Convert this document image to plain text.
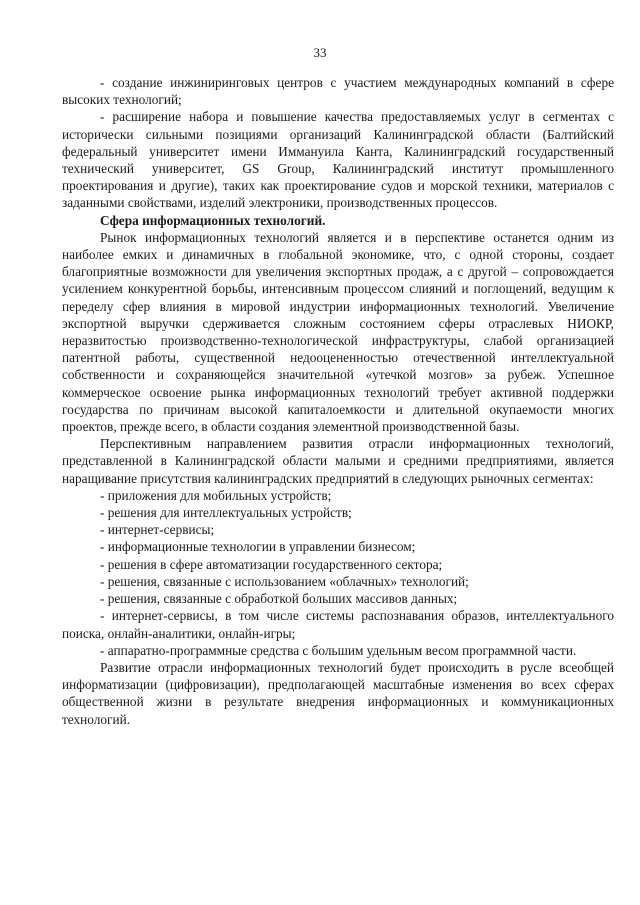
33

- создание инжиниринговых центров с участием международных компаний в сфере высоких технологий;

- расширение набора и повышение качества предоставляемых услуг в сегментах с исторически сильными позициями организаций Калининградской области (Балтийский федеральный университет имени Иммануила Канта, Калининградский государственный технический университет, GS Group, Калининградский институт промышленного проектирования и другие), таких как проектирование судов и морской техники, материалов с заданными свойствами, изделий электроники, производственных процессов.

Сфера информационных технологий.

Рынок информационных технологий является и в перспективе останется одним из наиболее емких и динамичных в глобальной экономике, что, с одной стороны, создает благоприятные возможности для увеличения экспортных продаж, а с другой – сопровождается усилением конкурентной борьбы, интенсивным процессом слияний и поглощений, ведущим к переделу сфер влияния в мировой индустрии информационных технологий. Увеличение экспортной выручки сдерживается сложным состоянием сферы отраслевых НИОКР, неразвитостью производственно-технологической инфраструктуры, слабой организацией патентной работы, существенной недооцененностью отечественной интеллектуальной собственности и сохраняющейся значительной «утечкой мозгов» за рубеж. Успешное коммерческое освоение рынка информационных технологий требует активной поддержки государства по причинам высокой капиталоемкости и длительной окупаемости многих проектов, прежде всего, в области создания элементной производственной базы.

Перспективным направлением развития отрасли информационных технологий, представленной в Калининградской области малыми и средними предприятиями, является наращивание присутствия калининградских предприятий в следующих рыночных сегментах:

- приложения для мобильных устройств;

- решения для интеллектуальных устройств;

- интернет-сервисы;

- информационные технологии в управлении бизнесом;

- решения в сфере автоматизации государственного сектора;

- решения, связанные с использованием «облачных» технологий;

- решения, связанные с обработкой больших массивов данных;

- интернет-сервисы, в том числе системы распознавания образов, интеллектуального поиска, онлайн-аналитики, онлайн-игры;

- аппаратно-программные средства с большим удельным весом программной части.

Развитие отрасли информационных технологий будет происходить в русле всеобщей информатизации (цифровизации), предполагающей масштабные изменения во всех сферах общественной жизни в результате внедрения информационных и коммуникационных технологий.
